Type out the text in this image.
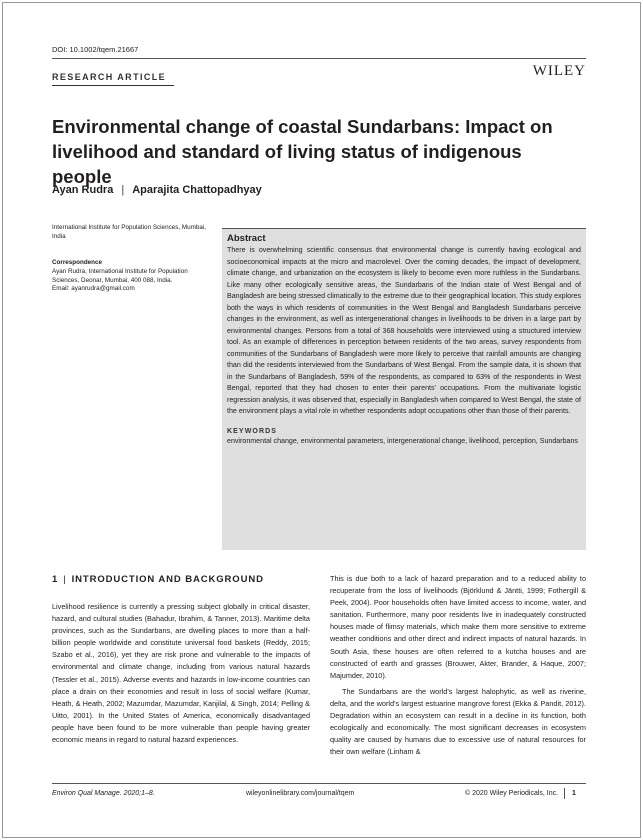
DOI: 10.1002/tqem.21667
RESEARCH ARTICLE	WILEY
Environmental change of coastal Sundarbans: Impact on livelihood and standard of living status of indigenous people
Ayan Rudra | Aparajita Chattopadhyay
International Institute for Population Sciences, Mumbai, India
Correspondence
Ayan Rudra, International Institute for Population Sciences, Deonar, Mumbai, 400 088, India.
Email: ayanrudra@gmail.com
Abstract
There is overwhelming scientific consensus that environmental change is currently having ecological and socioeconomical impacts at the micro and macrolevel. Over the coming decades, the impact of development, climate change, and urbanization on the ecosystem is likely to become even more ruthless in the Sundarbans. Like many other ecologically sensitive areas, the Sundarbans of the Indian state of West Bengal and of Bangladesh are being stressed climatically to the extreme due to their geographical location. This study explores both the ways in which residents of communities in the West Bengal and Bangladesh Sundarbans perceive changes in the environment, as well as intergenerational changes in livelihoods to be driven in a large part by environmental changes. Persons from a total of 368 households were interviewed using a structured interview tool. As an example of differences in perception between residents of the two areas, survey respondents from communities of the Sundarbans of Bangladesh were more likely to perceive that rainfall amounts are changing than did the residents interviewed from the Sundarbans of West Bengal. From the sample data, it is shown that in the Sundarbans of Bangladesh, 59% of the respondents, as compared to 63% of the respondents in West Bengal, reported that they had chosen to enter their parents' occupations. From the multivariate logistic regression analysis, it was observed that, especially in Bangladesh when compared to West Bengal, the state of the environment plays a vital role in whether respondents adopt occupations other than those of their parents.
KEYWORDS
environmental change, environmental parameters, intergenerational change, livelihood, perception, Sundarbans
1 | INTRODUCTION AND BACKGROUND

Livelihood resilience is currently a pressing subject globally in critical disaster, hazard, and cultural studies (Bahadur, Ibrahim, & Tanner, 2013). Maritime delta provinces, such as the Sundarbans, are dwelling places to more than a half-billion people worldwide and constitute universal food baskets (Reddy, 2015; Szabo et al., 2016), yet they are risk prone and vulnerable to the impacts of environmental and climate change, including from various natural hazards (Tessler et al., 2015). Adverse events and hazards in low-income countries can place a drain on their economies and result in loss of social welfare (Kumar, Heath, & Heath, 2002; Mazumdar, Mazumdar, Kanjilal, & Singh, 2014; Pelling & Uitto, 2001). In the United States of America, economically disadvantaged people have been found to be more vulnerable than people having greater economic means in regard to natural hazard experiences.

This is due both to a lack of hazard preparation and to a reduced ability to recuperate from the loss of livelihoods (Björklund & Jäntti, 1999; Fothergill & Peek, 2004). Poor households often have limited access to income, water, and sanitation. Furthermore, many poor residents live in inadequately constructed houses made of flimsy materials, which make them more sensitive to extreme weather conditions and other direct and indirect impacts of natural hazards. In South Asia, these houses are often referred to a kutcha houses and are constructed of earth and grasses (Brouwer, Akter, Brander, & Haque, 2007; Majumder, 2010).

The Sundarbans are the world's largest halophytic, as well as riverine, delta, and the world's largest estuarine mangrove forest (Ekka & Pandit, 2012). Degradation within an ecosystem can result in a decline in its function, both ecologically and economically. The most significant decreases in ecosystem quality are caused by humans due to excessive use of natural resources for their own welfare (Linham &

Environ Qual Manage. 2020;1–8.	wileyonlinelibrary.com/journal/tqem	© 2020 Wiley Periodicals, Inc. 1
